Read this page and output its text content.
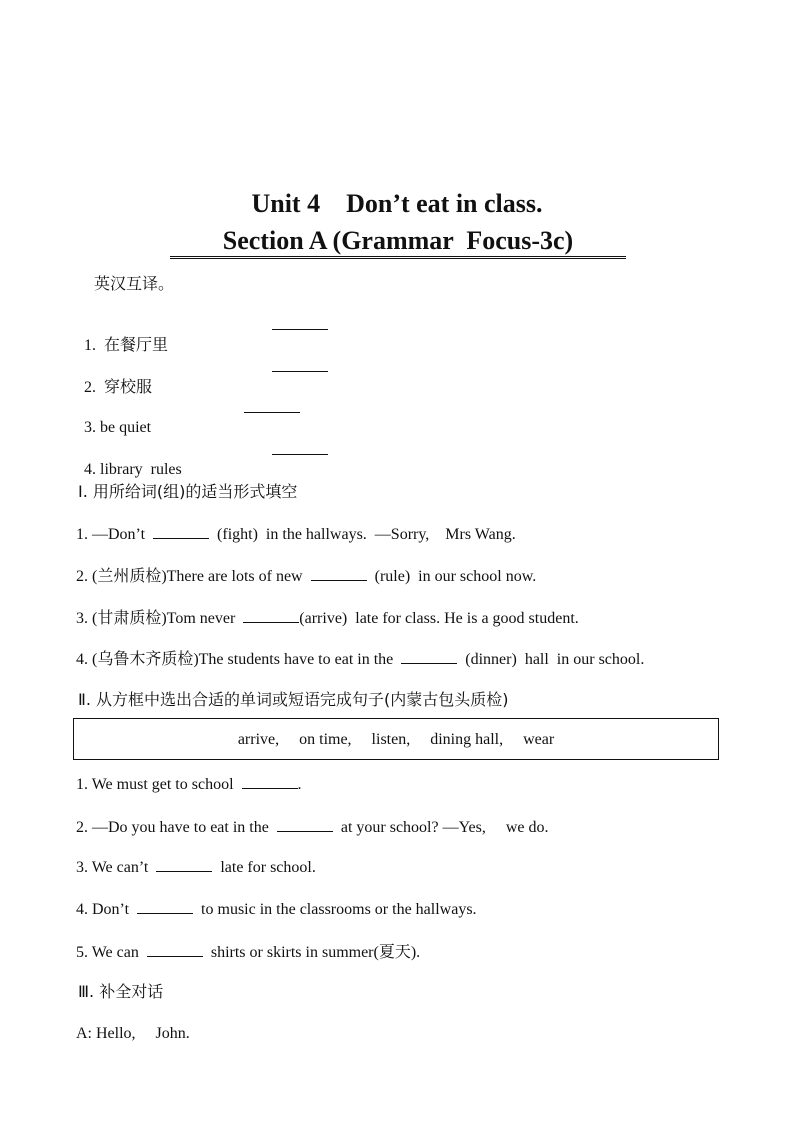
Unit 4　Don’t eat in class.
Section A (Grammar  Focus-3c)
英汉互译。

1. 在餐厅里

2. 穿校服

3. be quiet

4. library  rules

Ⅰ. 用所给词(组)的适当形式填空
1. —Don’t	(fight)  in the hallways.  —Sorry,    Mrs Wang.
2. (兰州质检)There are lots of new	(rule)  in our school now.
3. (甘肃质检)Tom never	(arrive)  late for class. He is a good student.
4. (乌鲁木齐质检)The students have to eat in the	(dinner)  hall  in our school.
Ⅱ. 从方框中选出合适的单词或短语完成句子(内蒙古包头质检)
arrive,     on time,     listen,     dining hall,     wear
1. We must get to school	.
2. —Do you have to eat in the	at your school? —Yes,     we do.
3. We can’t	late for school.
4. Don’t	to music in the classrooms or the hallways.
5. We can	shirts or skirts in summer(夏天).
Ⅲ. 补全对话
A: Hello,     John.
